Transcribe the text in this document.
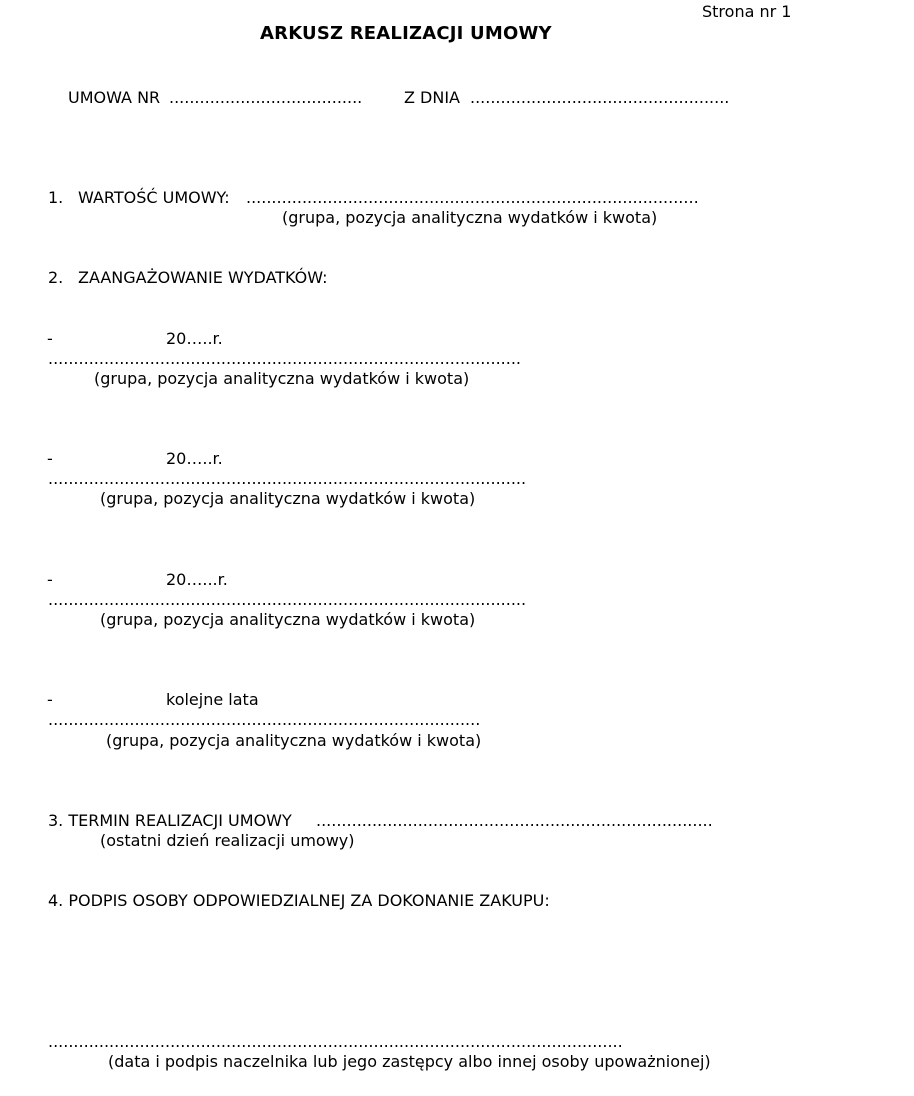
Strona nr 1
ARKUSZ REALIZACJI UMOWY
UMOWA NR ......................................	Z DNIA ...................................................
1. WARTOŚĆ UMOWY: .........................................................................................
(grupa, pozycja analityczna wydatków i kwota)
2. ZAANGAŻOWANIE WYDATKÓW:
-	20…..r.
.............................................................................................
(grupa, pozycja analityczna wydatków i kwota)
-	20…..r.
..............................................................................................
(grupa, pozycja analityczna wydatków i kwota)
-	20…...r.
..............................................................................................
(grupa, pozycja analityczna wydatków i kwota)
-	kolejne lata
.....................................................................................
(grupa, pozycja analityczna wydatków i kwota)
3. TERMIN REALIZACJI UMOWY ..............................................................................
(ostatni dzień realizacji umowy)
4. PODPIS OSOBY ODPOWIEDZIALNEJ ZA DOKONANIE ZAKUPU:
.................................................................................................................
(data i podpis naczelnika lub jego zastępcy albo innej osoby upoważnionej)
